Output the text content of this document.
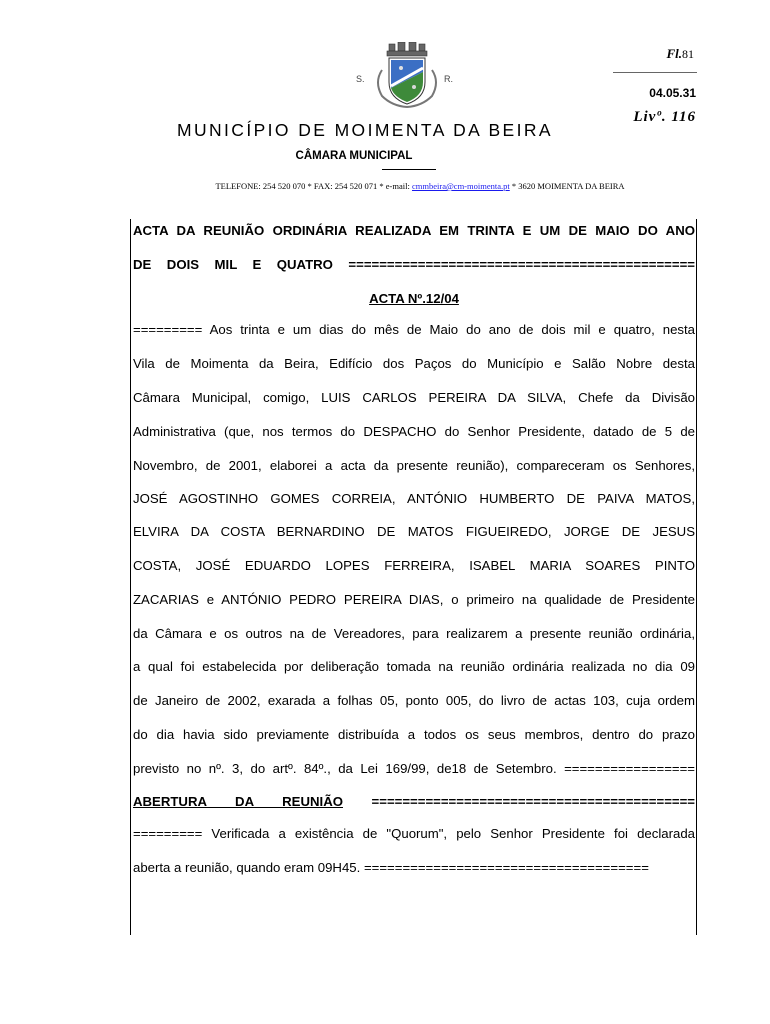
S.	R.
Fl.81
04.05.31
Livº. 116
MUNICÍPIO DE MOIMENTA DA BEIRA
CÂMARA MUNICIPAL
TELEFONE: 254 520 070 * FAX: 254 520 071 * e-mail: cmmbeira@cm-moimenta.pt * 3620 MOIMENTA DA BEIRA
ACTA DA REUNIÃO ORDINÁRIA REALIZADA EM TRINTA E UM DE MAIO DO ANO
DE DOIS MIL E QUATRO =============================================
ACTA Nº.12/04
========= Aos trinta e um dias do mês de Maio do ano de dois mil e quatro, nesta
Vila de Moimenta da Beira, Edifício dos Paços do Município e Salão Nobre desta
Câmara Municipal, comigo, LUIS CARLOS PEREIRA DA SILVA, Chefe da Divisão
Administrativa (que, nos termos do DESPACHO do Senhor Presidente, datado de 5 de
Novembro, de 2001, elaborei a acta da presente reunião), compareceram os Senhores,
JOSÉ AGOSTINHO GOMES CORREIA, ANTÓNIO HUMBERTO DE PAIVA MATOS,
ELVIRA DA COSTA BERNARDINO DE MATOS FIGUEIREDO, JORGE DE JESUS
COSTA, JOSÉ EDUARDO LOPES FERREIRA, ISABEL MARIA SOARES PINTO
ZACARIAS e ANTÓNIO PEDRO PEREIRA DIAS, o primeiro na qualidade de Presidente
da Câmara e os outros na de Vereadores, para realizarem a presente reunião ordinária,
a qual foi estabelecida por deliberação tomada na reunião ordinária realizada no dia 09
de Janeiro de 2002, exarada a folhas 05, ponto 005, do livro de actas 103, cuja ordem
do dia havia sido previamente distribuída a todos os seus membros, dentro do prazo
previsto no nº. 3, do artº. 84º., da Lei 169/99, de18 de Setembro. =================
ABERTURA DA REUNIÃO ==========================================
========= Verificada a existência de "Quorum", pelo Senhor Presidente foi declarada
aberta a reunião, quando eram 09H45. =====================================
